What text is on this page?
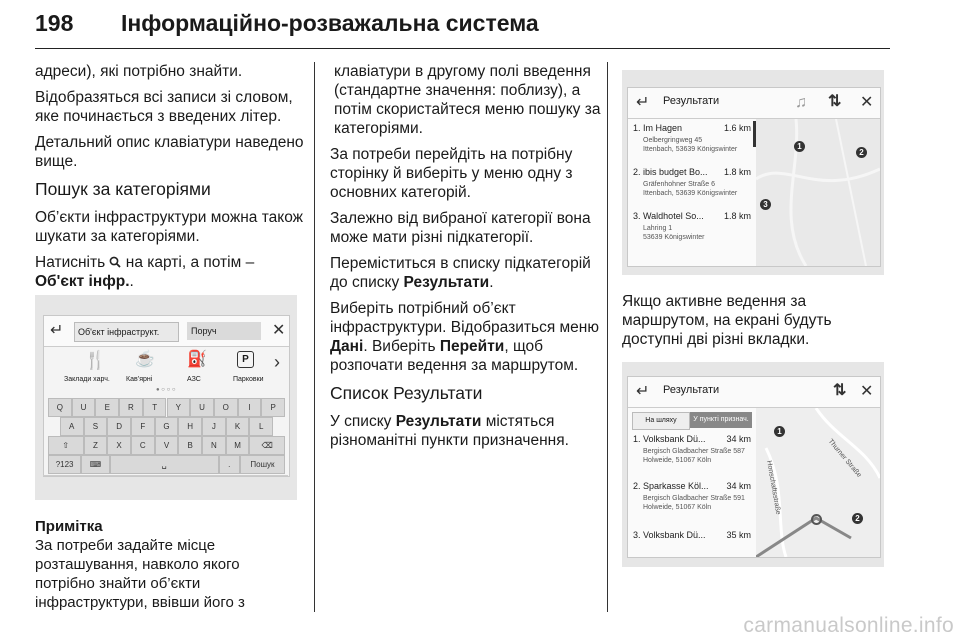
198 Інформаційно-розважальна система

адреси), які потрібно знайти.

Відобразяться всі записи зі словом, яке починається з введених літер.

Детальний опис клавіатури наведено вище.

Пошук за категоріями

Об’єкти інфраструктури можна також шукати за категоріями.

Натисніть на карті, а потім – Об'єкт інфр..

↵	Об'єкт інфраструкт.	Поруч	✕
🍴 ☕ ⛽	P ›
Заклади харч. Кав’ярні	АЗС	Парковки
● ○ ○ ○
Q	U	E	R	T	Y	U	O	I	P
A	S	D	F	G	H	J	K	L
⇧	Z	X	C	V	B	N	M	⌫
?123	⌨	␣	.	Пошук
Примітка
За потреби задайте місце розташування, навколо якого потрібно знайти об’єкти інфраструктури, ввівши його з

клавіатури в другому полі введення (стандартне значення: поблизу), а потім скористайтеся меню пошуку за категоріями.

За потреби перейдіть на потрібну сторінку й виберіть у меню одну з основних категорій.

Залежно від вибраної категорії вона може мати різні підкатегорії.

Переміститься в списку підкатегорій до списку Результати.

Виберіть потрібний об’єкт інфраструктури. Відобразиться меню Дані. Виберіть Перейти, щоб розпочати ведення за маршрутом.

Список Результати

У списку Результати містяться різноманітні пункти призначення.

↵ Результати	♫ ⇅ ✕
1. Im Hagen	1.6 km
Oelbergringweg 45
Ittenbach, 53639 Königswinter
2. ibis budget Bo... 1.8 km
Gräfenhohner Straße 6
Ittenbach, 53639 Königswinter
3. Waldhotel So... 1.8 km
Lahring 1
53639 Königswinter
1
2
3

Якщо активне ведення за маршрутом, на екрані будуть доступні дві різні вкладки.

↵ Результати	⇅ ✕
На шляху	У пункті признач.
1. Volksbank Dü... 34 km
Bergisch Gladbacher Straße 587
Holweide, 51067 Köln
2. Sparkasse Köl... 34 km
Bergisch Gladbacher Straße 591
Holweide, 51067 Köln
3. Volksbank Dü... 35 km
Thurner Straße
Honschaftsstraße
1
2
carmanualsonline.info
